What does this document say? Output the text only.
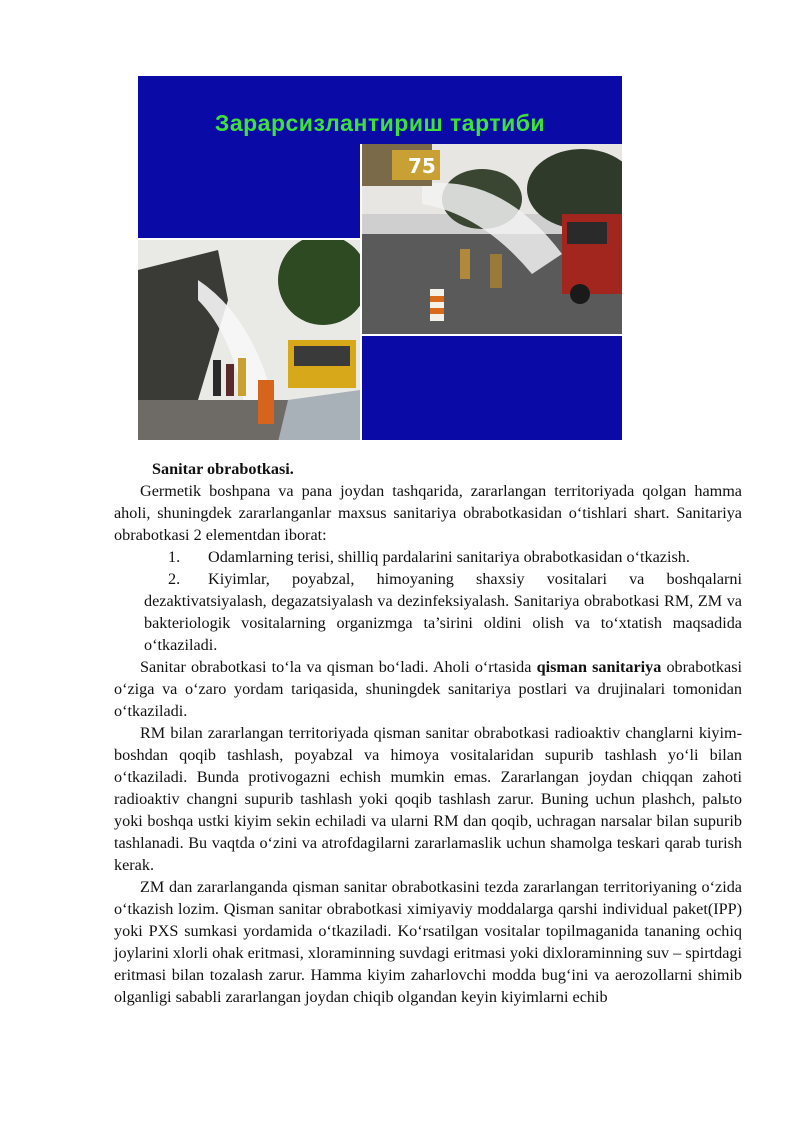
Зарарсизлантириш тартиби
75

Sanitar obrabotkasi.

Germetik boshpana va pana joydan tashqarida, zararlangan territoriyada qolgan hamma aholi, shuningdek zararlanganlar maxsus sanitariya obrabotkasidan oʻtishlari shart. Sanitariya obrabotkasi 2 elementdan iborat:

1. Odamlarning terisi, shilliq pardalarini sanitariya obrabotkasidan oʻtkazish.

2. Kiyimlar, poyabzal, himoyaning shaxsiy vositalari va boshqalarni dezaktivatsiyalash, degazatsiyalash va dezinfeksiyalash. Sanitariya obrabotkasi RM, ZM va bakteriologik vositalarning organizmga ta’sirini oldini olish va toʻxtatish maqsadida oʻtkaziladi.

Sanitar obrabotkasi toʻla va qisman boʻladi. Aholi oʻrtasida qisman sanitariya obrabotkasi oʻziga va oʻzaro yordam tariqasida, shuningdek sanitariya postlari va drujinalari tomonidan oʻtkaziladi.

RM bilan zararlangan territoriyada qisman sanitar obrabotkasi radioaktiv changlarni kiyim-boshdan qoqib tashlash, poyabzal va himoya vositalaridan supurib tashlash yoʻli bilan oʻtkaziladi. Bunda protivogazni echish mumkin emas. Zararlangan joydan chiqqan zahoti radioaktiv changni supurib tashlash yoki qoqib tashlash zarur. Buning uchun plashch, palьto yoki boshqa ustki kiyim sekin echiladi va ularni RM dan qoqib, uchragan narsalar bilan supurib tashlanadi. Bu vaqtda oʻzini va atrofdagilarni zararlamaslik uchun shamolga teskari qarab turish kerak.

ZM dan zararlanganda qisman sanitar obrabotkasini tezda zararlangan territoriyaning oʻzida oʻtkazish lozim. Qisman sanitar obrabotkasi ximiyaviy moddalarga qarshi individual paket(IPP) yoki PXS sumkasi yordamida oʻtkaziladi. Koʻrsatilgan vositalar topilmaganida tananing ochiq joylarini xlorli ohak eritmasi, xloraminning suvdagi eritmasi yoki dixloraminning suv – spirtdagi eritmasi bilan tozalash zarur. Hamma kiyim zaharlovchi modda bugʻini va aerozollarni shimib olganligi sababli zararlangan joydan chiqib olgandan keyin kiyimlarni echib
